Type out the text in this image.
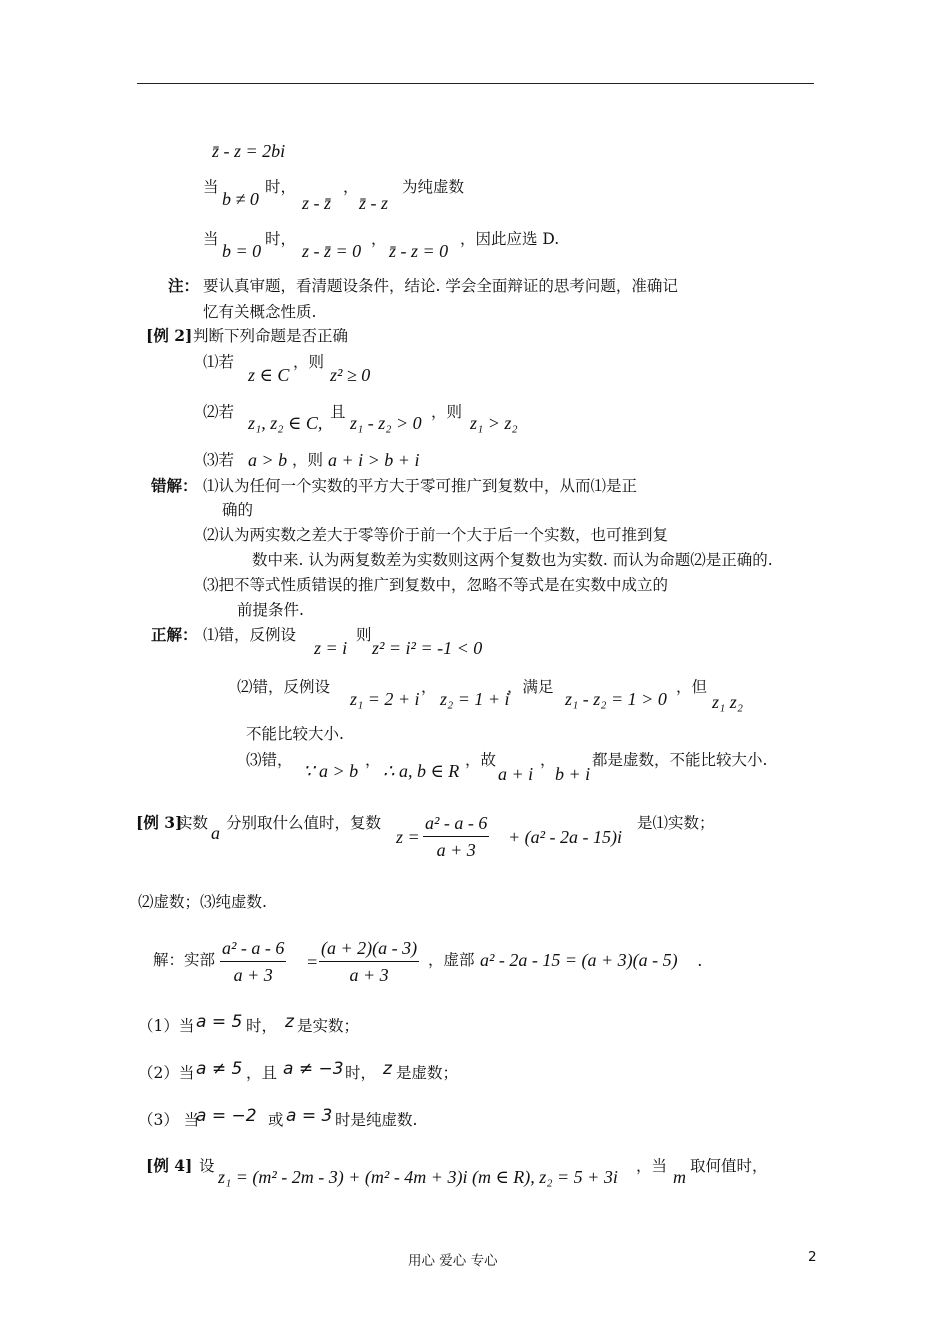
z̄ - z = 2bi
当
b ≠ 0
时，
z - z̄
，
z̄ - z
为纯虚数
当
b = 0
时，
z - z̄ = 0
，
z̄ - z = 0
，因此应选 D.
注： 要认真审题，看清题设条件，结论. 学会全面辩证的思考问题，准确记
忆有关概念性质.
[例 2] 判断下列命题是否正确
⑴若
z ∈ C
，则
z² ≥ 0
⑵若
z₁, z₂ ∈ C,
且
z₁ - z₂ > 0
，则
z₁ > z₂
⑶若 a > b ，则 a + i > b + i
错解： ⑴认为任何一个实数的平方大于零可推广到复数中，从而⑴是正
确的
⑵认为两实数之差大于零等价于前一个大于后一个实数，也可推到复
数中来. 认为两复数差为实数则这两个复数也为实数. 而认为命题⑵是正确的.
⑶把不等式性质错误的推广到复数中，忽略不等式是在实数中成立的
前提条件.
正解： ⑴错，反例设
z = i
则
z² = i² = -1 < 0
⑵错，反例设
z₁ = 2 + i
，
z₂ = 1 + i
，满足
z₁ - z₂ = 1 > 0
，但
z₁ z₂
不能比较大小.
⑶错，
∵ a > b
，
∴ a, b ∈ R
，故
a + i
，
b + i
都是虚数，不能比较大小.
[例 3]
实数 a 分别取什么值时，复数
$z = \frac{\text{a² - a - 6}}{a + 3} + (a^2 - 2a - 15)i$
是⑴实数；
⑵虚数；⑶纯虚数.
解：实部 $\frac{\text{a² - a - 6}}{a + 3} = \frac{(a + 2)(a - 3)}{a + 3}$ ，虚部 a² - 2a - 15 = (a + 3)(a - 5) .
（1）当 a = 5 时， z 是实数；
（2）当 a ≠ 5 ，且 a ≠ −3 时， z 是虚数；
（3） 当
a = −2 或 a = 3 时是纯虚数.
[例 4] 设
z₁ = (m² - 2m - 3) + (m² - 4m + 3)i (m ∈ R), z₂ = 5 + 3i
，当
m
取何值时，
用心 爱心 专心	2
